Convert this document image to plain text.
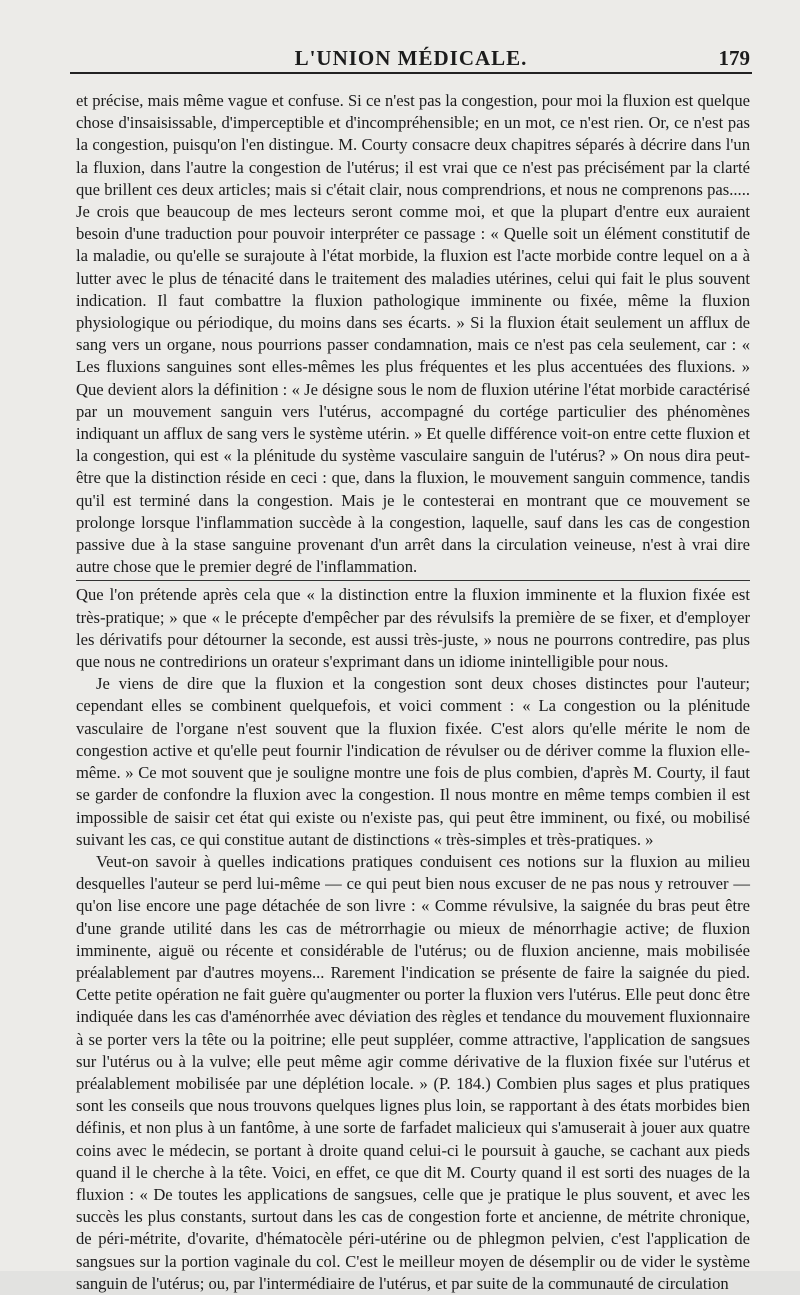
L'UNION MÉDICALE.	179

et précise, mais même vague et confuse. Si ce n'est pas la congestion, pour moi la fluxion est quelque chose d'insaisissable, d'imperceptible et d'incompréhensible; en un mot, ce n'est rien. Or, ce n'est pas la congestion, puisqu'on l'en distingue. M. Courty consacre deux chapitres séparés à décrire dans l'un la fluxion, dans l'autre la congestion de l'utérus; il est vrai que ce n'est pas précisément par la clarté que brillent ces deux articles; mais si c'était clair, nous comprendrions, et nous ne comprenons pas..... Je crois que beaucoup de mes lecteurs seront comme moi, et que la plupart d'entre eux auraient besoin d'une traduction pour pouvoir interpréter ce passage : « Quelle soit un élément constitutif de la maladie, ou qu'elle se surajoute à l'état morbide, la fluxion est l'acte morbide contre lequel on a à lutter avec le plus de ténacité dans le traitement des maladies utérines, celui qui fait le plus souvent indication. Il faut combattre la fluxion pathologique imminente ou fixée, même la fluxion physiologique ou périodique, du moins dans ses écarts. » Si la fluxion était seulement un afflux de sang vers un organe, nous pourrions passer condamnation, mais ce n'est pas cela seulement, car : « Les fluxions sanguines sont elles-mêmes les plus fréquentes et les plus accentuées des fluxions. » Que devient alors la définition : « Je désigne sous le nom de fluxion utérine l'état morbide caractérisé par un mouvement sanguin vers l'utérus, accompagné du cortége particulier des phénomènes indiquant un afflux de sang vers le système utérin. » Et quelle différence voit-on entre cette fluxion et la congestion, qui est « la plénitude du système vasculaire sanguin de l'utérus? » On nous dira peut-être que la distinction réside en ceci : que, dans la fluxion, le mouvement sanguin commence, tandis qu'il est terminé dans la congestion. Mais je le contesterai en montrant que ce mouvement se prolonge lorsque l'inflammation succède à la congestion, laquelle, sauf dans les cas de congestion passive due à la stase sanguine provenant d'un arrêt dans la circulation veineuse, n'est à vrai dire autre chose que le premier degré de l'inflammation.

Que l'on prétende après cela que « la distinction entre la fluxion imminente et la fluxion fixée est très-pratique; » que « le précepte d'empêcher par des révulsifs la première de se fixer, et d'employer les dérivatifs pour détourner la seconde, est aussi très-juste, » nous ne pourrons contredire, pas plus que nous ne contredirions un orateur s'exprimant dans un idiome inintelligible pour nous.

Je viens de dire que la fluxion et la congestion sont deux choses distinctes pour l'auteur; cependant elles se combinent quelquefois, et voici comment : « La congestion ou la plénitude vasculaire de l'organe n'est souvent que la fluxion fixée. C'est alors qu'elle mérite le nom de congestion active et qu'elle peut fournir l'indication de révulser ou de dériver comme la fluxion elle-même. » Ce mot souvent que je souligne montre une fois de plus combien, d'après M. Courty, il faut se garder de confondre la fluxion avec la congestion. Il nous montre en même temps combien il est impossible de saisir cet état qui existe ou n'existe pas, qui peut être imminent, ou fixé, ou mobilisé suivant les cas, ce qui constitue autant de distinctions « très-simples et très-pratiques. »

Veut-on savoir à quelles indications pratiques conduisent ces notions sur la fluxion au milieu desquelles l'auteur se perd lui-même — ce qui peut bien nous excuser de ne pas nous y retrouver — qu'on lise encore une page détachée de son livre : « Comme révulsive, la saignée du bras peut être d'une grande utilité dans les cas de métrorrhagie ou mieux de ménorrhagie active; de fluxion imminente, aiguë ou récente et considérable de l'utérus; ou de fluxion ancienne, mais mobilisée préalablement par d'autres moyens... Rarement l'indication se présente de faire la saignée du pied. Cette petite opération ne fait guère qu'augmenter ou porter la fluxion vers l'utérus. Elle peut donc être indiquée dans les cas d'aménorrhée avec déviation des règles et tendance du mouvement fluxionnaire à se porter vers la tête ou la poitrine; elle peut suppléer, comme attractive, l'application de sangsues sur l'utérus ou à la vulve; elle peut même agir comme dérivative de la fluxion fixée sur l'utérus et préalablement mobilisée par une déplétion locale. » (P. 184.) Combien plus sages et plus pratiques sont les conseils que nous trouvons quelques lignes plus loin, se rapportant à des états morbides bien définis, et non plus à un fantôme, à une sorte de farfadet malicieux qui s'amuserait à jouer aux quatre coins avec le médecin, se portant à droite quand celui-ci le poursuit à gauche, se cachant aux pieds quand il le cherche à la tête. Voici, en effet, ce que dit M. Courty quand il est sorti des nuages de la fluxion : « De toutes les applications de sangsues, celle que je pratique le plus souvent, et avec les succès les plus constants, surtout dans les cas de congestion forte et ancienne, de métrite chronique, de péri-métrite, d'ovarite, d'hématocèle péri-utérine ou de phlegmon pelvien, c'est l'application de sangsues sur la portion vaginale du col. C'est le meilleur moyen de désemplir ou de vider le système sanguin de l'utérus; ou, par l'intermédiaire de l'utérus, et par suite de la communauté de circulation
